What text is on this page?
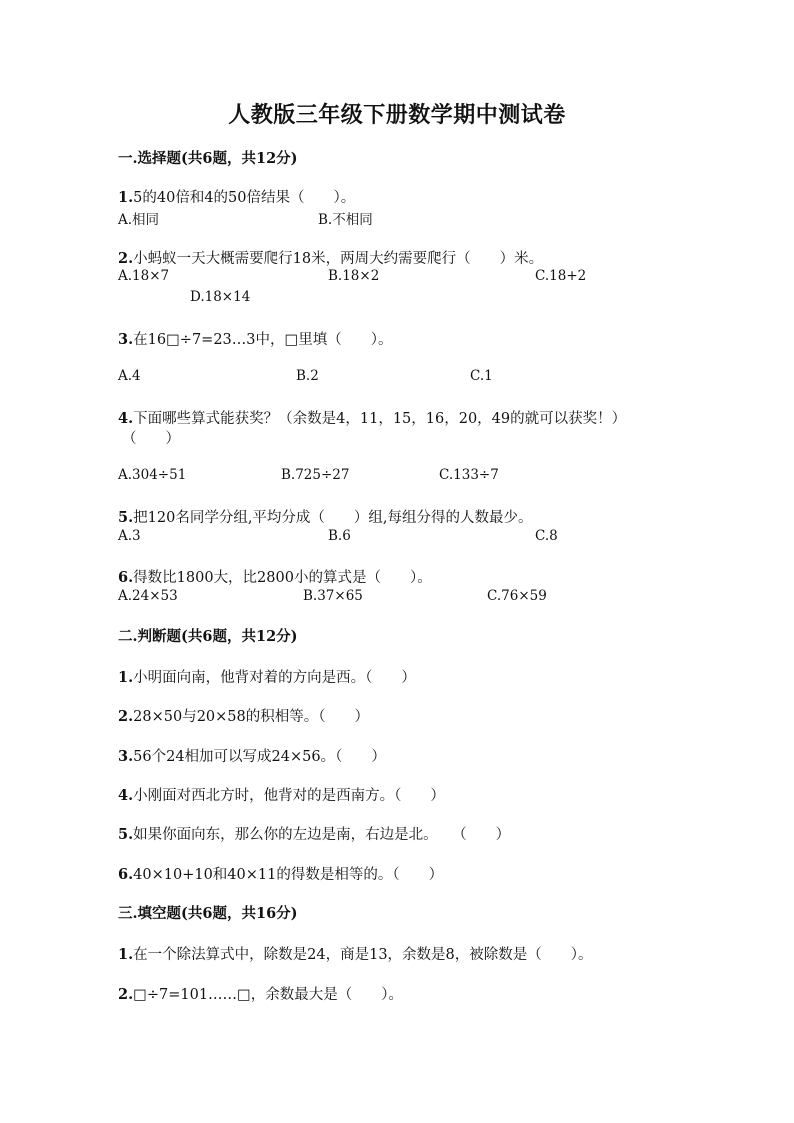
人教版三年级下册数学期中测试卷
一.选择题(共6题，共12分)
1.5的40倍和4的50倍结果（　　）。
A.相同	B.不相同
2.小蚂蚁一天大概需要爬行18米，两周大约需要爬行（　　）米。
A.18×7	B.18×2	C.18+2
D.18×14
3.在16□÷7=23…3中，□里填（　　）。
A.4	B.2	C.1
4.下面哪些算式能获奖？（余数是4，11，15，16，20，49的就可以获奖！）
（　　）
A.304÷51	B.725÷27	C.133÷7
5.把120名同学分组,平均分成（　　）组,每组分得的人数最少。
A.3	B.6	C.8
6.得数比1800大，比2800小的算式是（　　）。
A.24×53	B.37×65	C.76×59
二.判断题(共6题，共12分)
1.小明面向南，他背对着的方向是西。（　　）
2.28×50与20×58的积相等。（　　）
3.56个24相加可以写成24×56。（　　）
4.小刚面对西北方时，他背对的是西南方。（　　）
5.如果你面向东，那么你的左边是南，右边是北。　　（　　）
6.40×10+10和40×11的得数是相等的。（　　）
三.填空题(共6题，共16分)
1.在一个除法算式中，除数是24，商是13，余数是8，被除数是（　　）。
2.□÷7=101……□，余数最大是（　　）。
